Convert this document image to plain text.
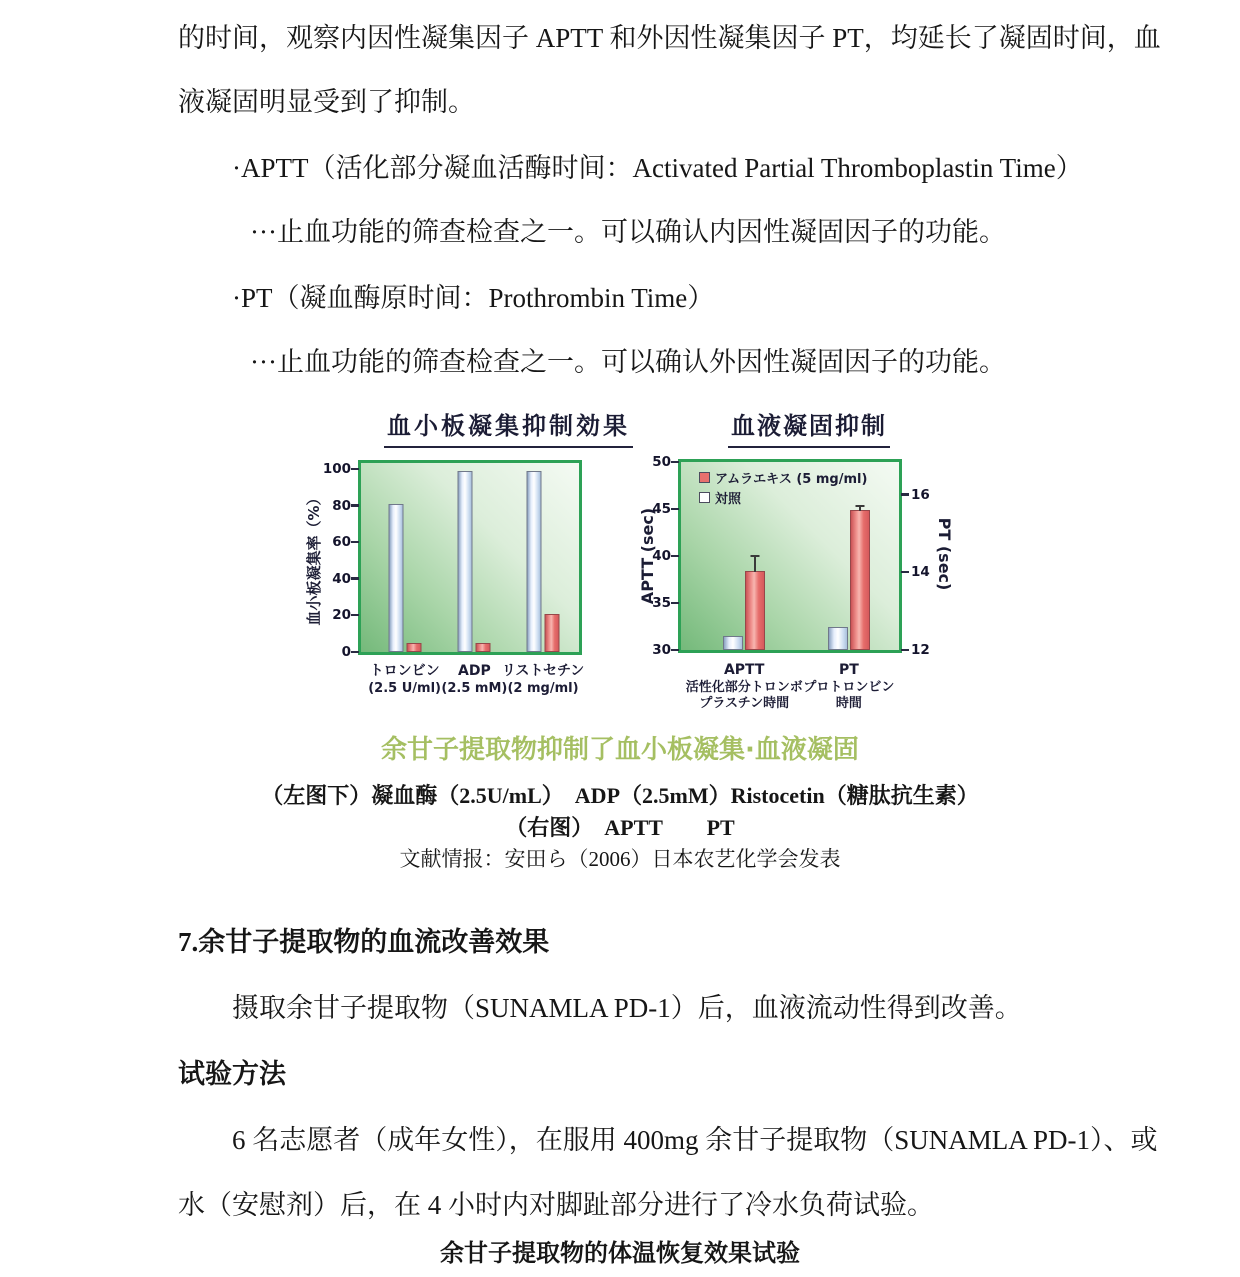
的时间，观察内因性凝集因子 APTT 和外因性凝集因子 PT，均延长了凝固时间，血

液凝固明显受到了抑制。

·APTT（活化部分凝血活酶时间：Activated Partial Thromboplastin Time）

···止血功能的筛查检查之一。可以确认内因性凝固因子的功能。

·PT（凝血酶原时间：Prothrombin Time）

···止血功能的筛查检查之一。可以确认外因性凝固因子的功能。

血小板凝集抑制効果
血小板凝集率（%）
0
20
40
60
80
100
トロンビン
(2.5 U/ml)
ADP
(2.5 mM)
リストセチン
(2 mg/ml)
血液凝固抑制
APTT (sec)	PT (sec)
アムラエキス (5 mg/ml)
対照
30
35
40
45
50
12
14
16
APTT
活性化部分トロンボ
プラスチン時間
PT
プロトロンビン
時間

余甘子提取物抑制了血小板凝集·血液凝固

（左图下）凝血酶（2.5U/mL）　ADP（2.5mM）Ristocetin（糖肽抗生素）

（右图）　APTT　　PT

文献情报：安田ら（2006）日本农艺化学会发表

7.余甘子提取物的血流改善效果

摄取余甘子提取物（SUNAMLA PD-1）后，血液流动性得到改善。

试验方法

6 名志愿者（成年女性），在服用 400mg 余甘子提取物（SUNAMLA PD-1）、或

水（安慰剂）后，在 4 小时内对脚趾部分进行了冷水负荷试验。

余甘子提取物的体温恢复效果试验
